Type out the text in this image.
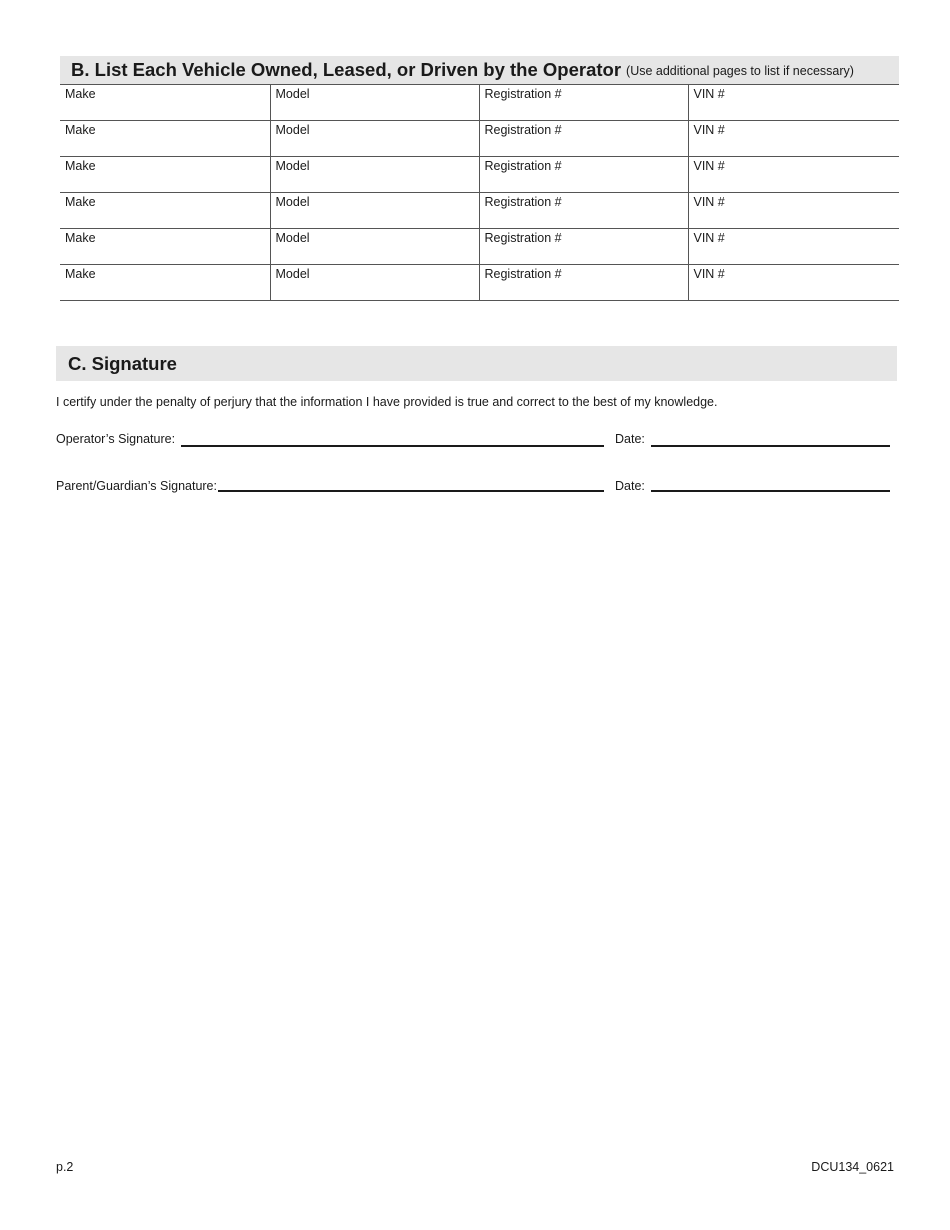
B. List Each Vehicle Owned, Leased, or Driven by the Operator (Use additional pages to list if necessary)
Make	Model	Registration #	VIN #
Make	Model	Registration #	VIN #
Make	Model	Registration #	VIN #
Make	Model	Registration #	VIN #
Make	Model	Registration #	VIN #
Make	Model	Registration #	VIN #
C. Signature
I certify under the penalty of perjury that the information I have provided is true and correct to the best of my knowledge.
Operator’s Signature:	Date:
Parent/Guardian’s Signature:	Date:
p.2	DCU134_0621
